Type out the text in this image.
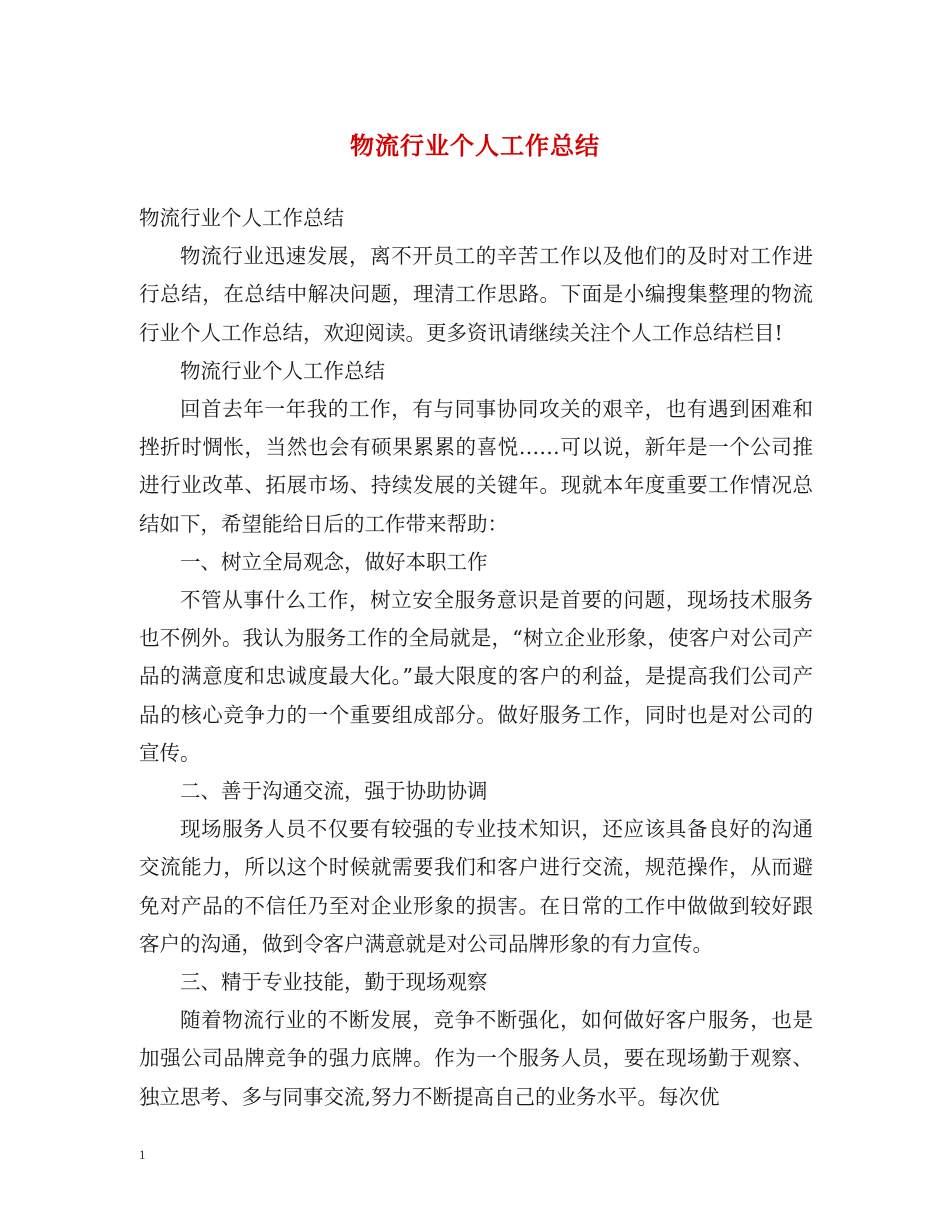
物流行业个人工作总结

物流行业个人工作总结

物流行业迅速发展，离不开员工的辛苦工作以及他们的及时对工作进行总结，在总结中解决问题，理清工作思路。下面是小编搜集整理的物流行业个人工作总结，欢迎阅读。更多资讯请继续关注个人工作总结栏目!

物流行业个人工作总结

回首去年一年我的工作，有与同事协同攻关的艰辛，也有遇到困难和挫折时惆怅，当然也会有硕果累累的喜悦……可以说，新年是一个公司推进行业改革、拓展市场、持续发展的关键年。现就本年度重要工作情况总结如下，希望能给日后的工作带来帮助：

一、树立全局观念，做好本职工作

不管从事什么工作，树立安全服务意识是首要的问题，现场技术服务也不例外。我认为服务工作的全局就是，“树立企业形象，使客户对公司产品的满意度和忠诚度最大化。”最大限度的客户的利益，是提高我们公司产品的核心竞争力的一个重要组成部分。做好服务工作，同时也是对公司的宣传。

二、善于沟通交流，强于协助协调

现场服务人员不仅要有较强的专业技术知识，还应该具备良好的沟通交流能力，所以这个时候就需要我们和客户进行交流，规范操作，从而避免对产品的不信任乃至对企业形象的损害。在日常的工作中做做到较好跟客户的沟通，做到令客户满意就是对公司品牌形象的有力宣传。

三、精于专业技能，勤于现场观察

随着物流行业的不断发展，竞争不断强化，如何做好客户服务，也是加强公司品牌竞争的强力底牌。作为一个服务人员，要在现场勤于观察、独立思考、多与同事交流,努力不断提高自己的业务水平。每次优

1
